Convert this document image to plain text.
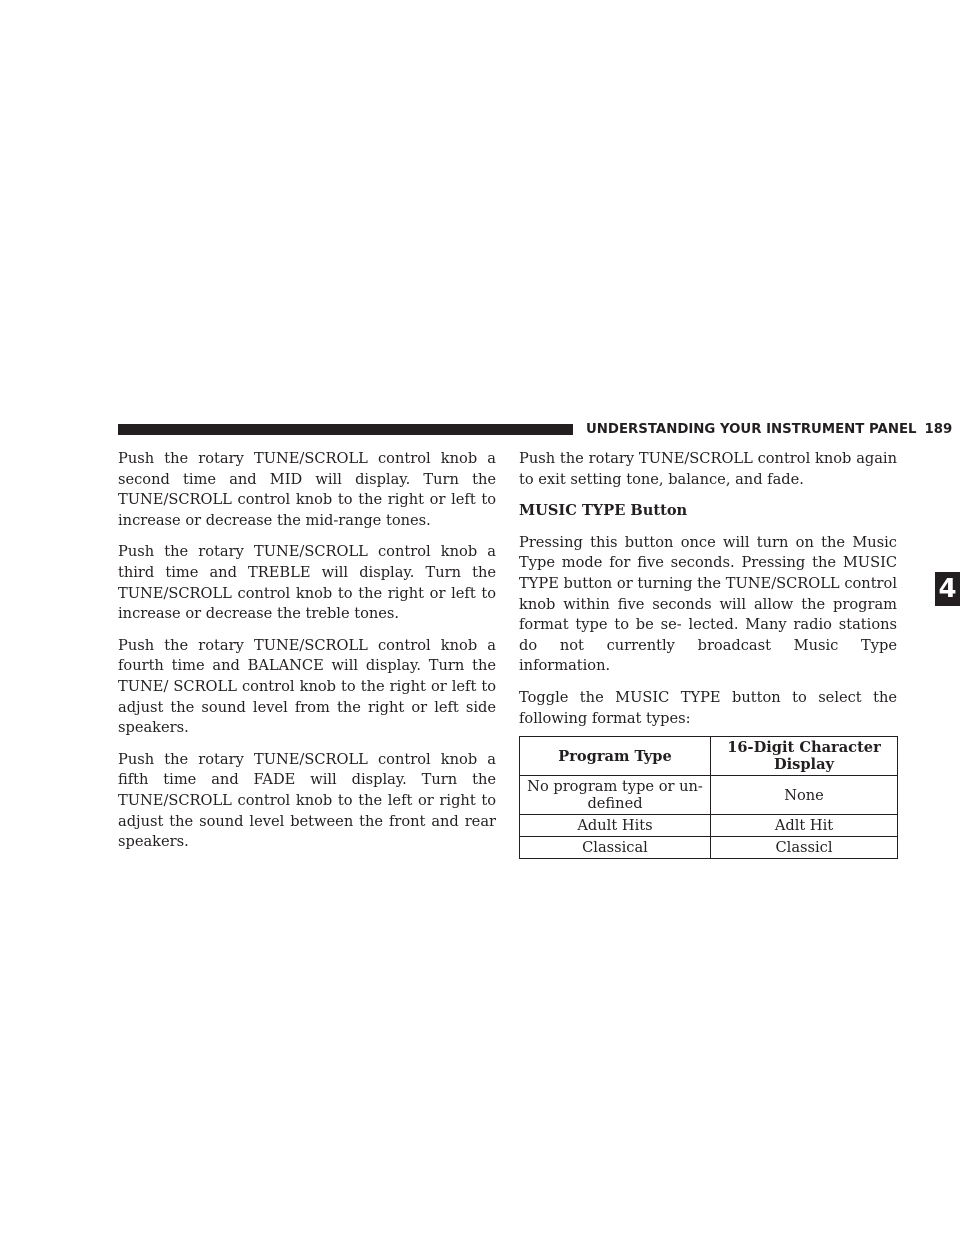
UNDERSTANDING YOUR INSTRUMENT PANEL 189
4

Push the rotary TUNE/SCROLL control knob a second time and MID will display. Turn the TUNE/SCROLL control knob to the right or left to increase or decrease the mid-range tones.

Push the rotary TUNE/SCROLL control knob a third time and TREBLE will display. Turn the TUNE/SCROLL control knob to the right or left to increase or decrease the treble tones.

Push the rotary TUNE/SCROLL control knob a fourth time and BALANCE will display. Turn the TUNE/ SCROLL control knob to the right or left to adjust the sound level from the right or left side speakers.

Push the rotary TUNE/SCROLL control knob a fifth time and FADE will display. Turn the TUNE/SCROLL control knob to the left or right to adjust the sound level between the front and rear speakers.

Push the rotary TUNE/SCROLL control knob again to exit setting tone, balance, and fade.

MUSIC TYPE Button

Pressing this button once will turn on the Music Type mode for five seconds. Pressing the MUSIC TYPE button or turning the TUNE/SCROLL control knob within five seconds will allow the program format type to be se- lected. Many radio stations do not currently broadcast Music Type information.

Toggle the MUSIC TYPE button to select the following format types:

Program Type	16-Digit Character Display
No program type or un- defined	None
Adult Hits	Adlt Hit
Classical	Classicl
